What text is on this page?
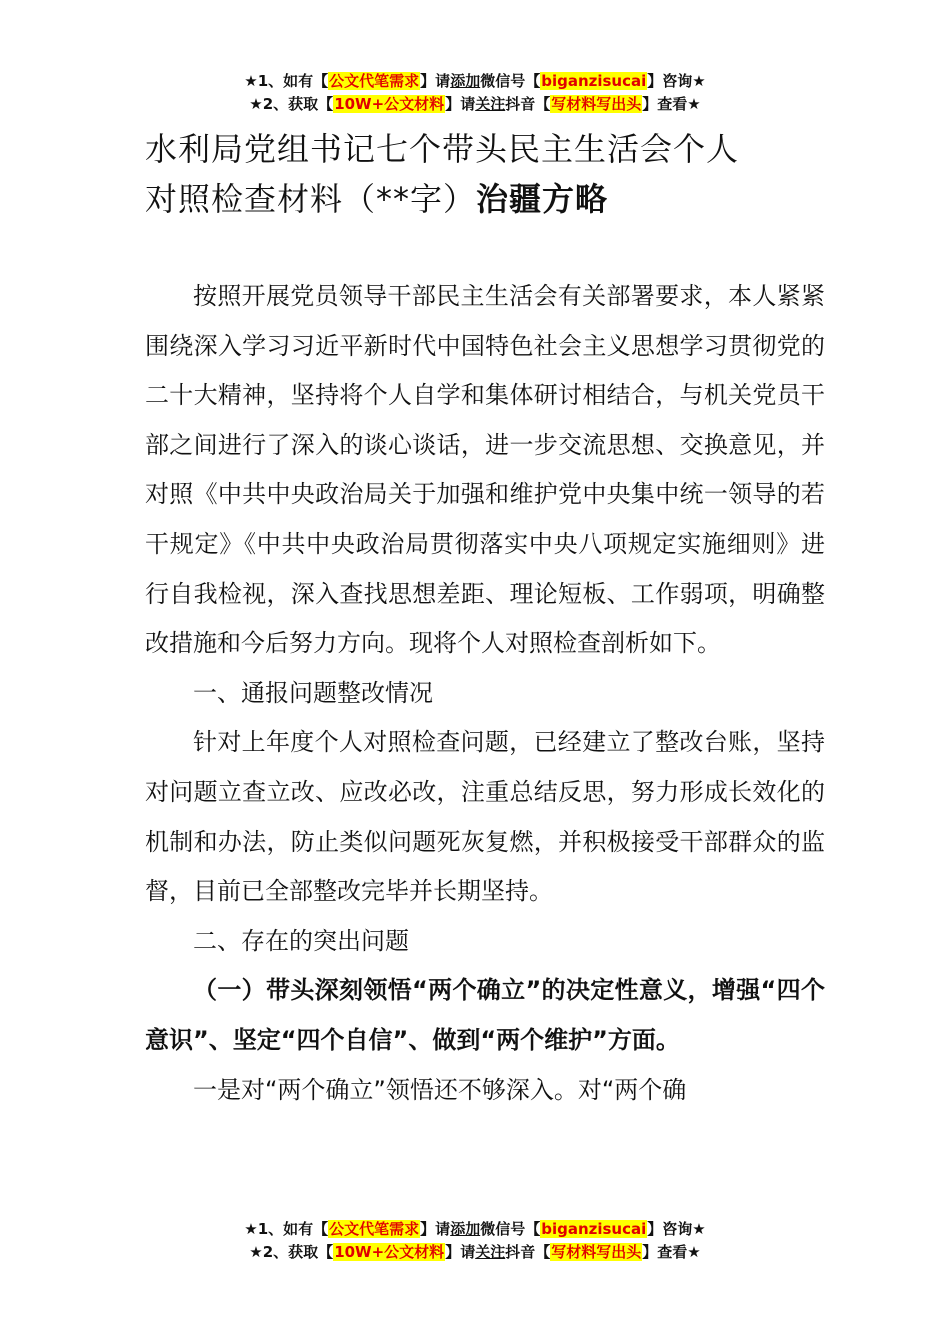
★1、如有【公文代笔需求】请添加微信号【biganzisucai】咨询★
★2、获取【10W+公文材料】请关注抖音【写材料写出头】查看★
水利局党组书记七个带头民主生活会个人
对照检查材料（**字）治疆方略

按照开展党员领导干部民主生活会有关部署要求，本人紧紧围绕深入学习习近平新时代中国特色社会主义思想学习贯彻党的二十大精神，坚持将个人自学和集体研讨相结合，与机关党员干部之间进行了深入的谈心谈话，进一步交流思想、交换意见，并对照《中共中央政治局关于加强和维护党中央集中统一领导的若干规定》《中共中央政治局贯彻落实中央八项规定实施细则》进行自我检视，深入查找思想差距、理论短板、工作弱项，明确整改措施和今后努力方向。现将个人对照检查剖析如下。

一、通报问题整改情况

针对上年度个人对照检查问题，已经建立了整改台账，坚持对问题立查立改、应改必改，注重总结反思，努力形成长效化的机制和办法，防止类似问题死灰复燃，并积极接受干部群众的监督，目前已全部整改完毕并长期坚持。

二、存在的突出问题

（一）带头深刻领悟“两个确立”的决定性意义，增强“四个意识”、坚定“四个自信”、做到“两个维护”方面。

一是对“两个确立”领悟还不够深入。对“两个确

★1、如有【公文代笔需求】请添加微信号【biganzisucai】咨询★
★2、获取【10W+公文材料】请关注抖音【写材料写出头】查看★
